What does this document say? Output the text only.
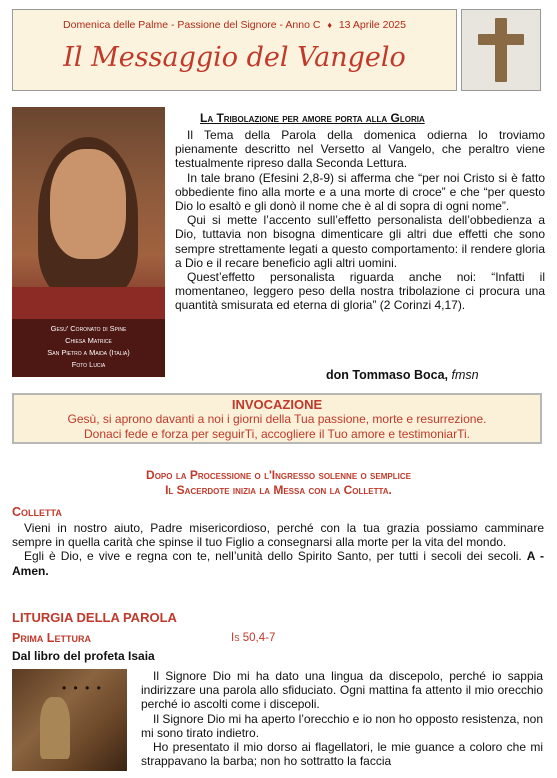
Domenica delle Palme - Passione del Signore - Anno C ♦ 13 Aprile 2025
Il Messaggio del Vangelo
Gesu' Coronato di Spine
Chiesa Matrice
San Pietro a Maida (Italia)
Foto Lucia
La Tribolazione per amore porta alla Gloria

Il Tema della Parola della domenica odierna lo troviamo pienamente descritto nel Versetto al Vangelo, che peraltro viene testualmente ripreso dalla Seconda Lettura.

In tale brano (Efesini 2,8-9) si afferma che “per noi Cristo si è fatto obbediente fino alla morte e a una morte di croce” e che “per questo Dio lo esaltò e gli donò il nome che è al di sopra di ogni nome”.

Qui si mette l’accento sull’effetto personalista dell’obbedienza a Dio, tuttavia non bisogna dimenticare gli altri due effetti che sono sempre strettamente legati a questo comportamento: il rendere gloria a Dio e il recare beneficio agli altri uomini.

Quest’effetto personalista riguarda anche noi: “Infatti il momentaneo, leggero peso della nostra tribolazione ci procura una quantità smisurata ed eterna di gloria” (2 Corinzi 4,17).

don Tommaso Boca, fmsn
INVOCAZIONE
Gesù, si aprono davanti a noi i giorni della Tua passione, morte e resurrezione.
Donaci fede e forza per seguirTi, accogliere il Tuo amore e testimoniarTi.
Dopo la Processione o l'Ingresso solenne o semplice
Il Sacerdote inizia la Messa con la Colletta.
Colletta

Vieni in nostro aiuto, Padre misericordioso, perché con la tua grazia possiamo camminare sempre in quella carità che spinse il tuo Figlio a consegnarsi alla morte per la vita del mondo.

Egli è Dio, e vive e regna con te, nell’unità dello Spirito Santo, per tutti i secoli dei secoli. A - Amen.

LITURGIA DELLA PAROLA
Prima Lettura	Is 50,4-7
Dal libro del profeta Isaia
• • • •

Il Signore Dio mi ha dato una lingua da discepolo, perché io sappia indirizzare una parola allo sfiduciato. Ogni mattina fa attento il mio orecchio perché io ascolti come i discepoli.

Il Signore Dio mi ha aperto l’orecchio e io non ho opposto resistenza, non mi sono tirato indietro.

Ho presentato il mio dorso ai flagellatori, le mie guance a coloro che mi strappavano la barba; non ho sottratto la faccia
